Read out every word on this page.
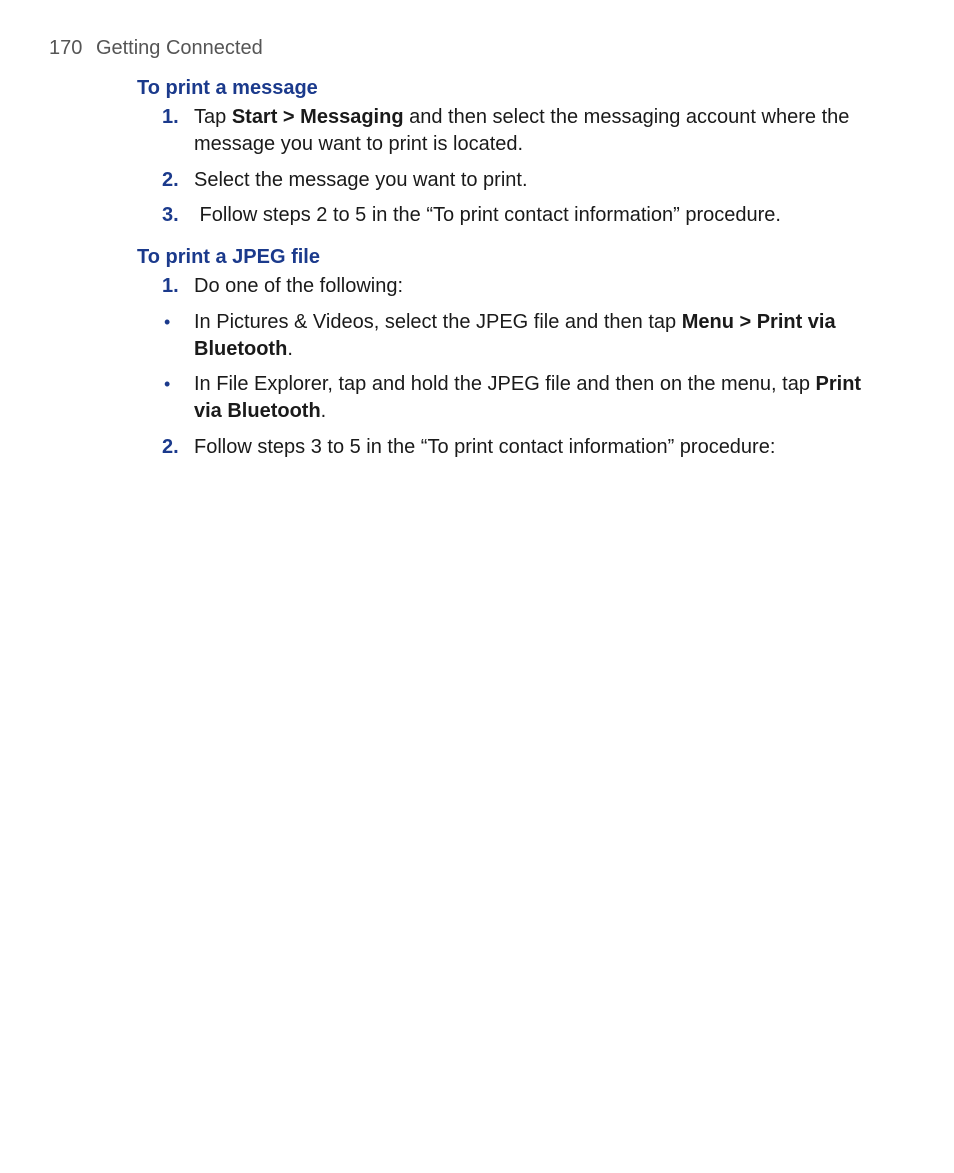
170 Getting Connected
To print a message
1. Tap Start > Messaging and then select the messaging account where the message you want to print is located.
2. Select the message you want to print.
3. Follow steps 2 to 5 in the “To print contact information” procedure.
To print a JPEG file
1. Do one of the following:
• In Pictures & Videos, select the JPEG file and then tap Menu > Print via Bluetooth.
• In File Explorer, tap and hold the JPEG file and then on the menu, tap Print via Bluetooth.
2. Follow steps 3 to 5 in the “To print contact information” procedure:
